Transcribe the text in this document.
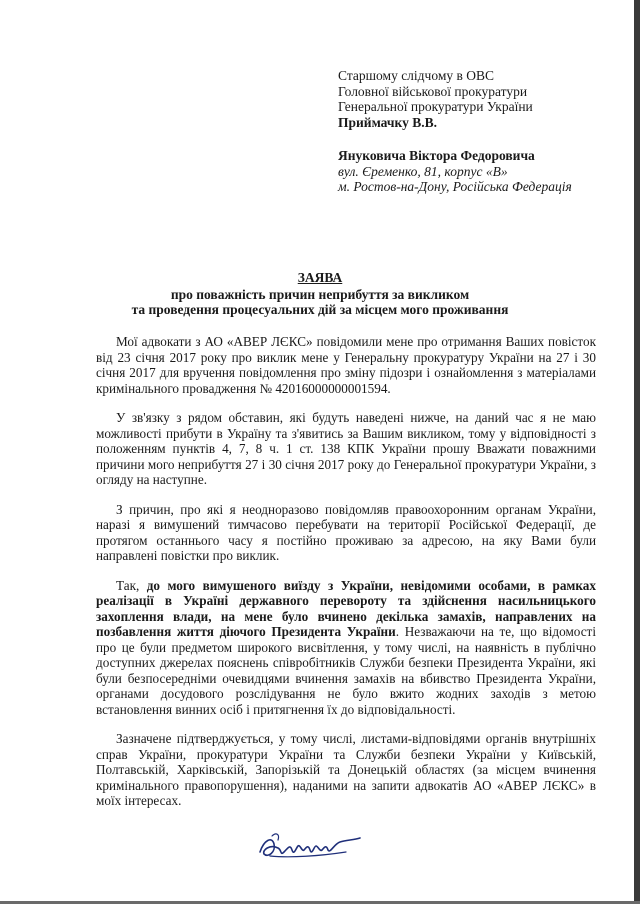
Старшому слідчому в ОВС
Головної військової прокуратури
Генеральної прокуратури України
Приймачку В.В.
Януковича Віктора Федоровича
вул. Єременко, 81, корпус «В»
м. Ростов-на-Дону, Російська Федерація
ЗАЯВА
про поважність причин неприбуття за викликом
та проведення процесуальних дій за місцем мого проживання

Мої адвокати з АО «АВЕР ЛЄКС» повідомили мене про отримання Ваших повісток від 23 січня 2017 року про виклик мене у Генеральну прокуратуру України на 27 і 30 січня 2017 для вручення повідомлення про зміну підозри і ознайомлення з матеріалами кримінального провадження № 42016000000001594.

У зв'язку з рядом обставин, які будуть наведені нижче, на даний час я не маю можливості прибути в Україну та з'явитись за Вашим викликом, тому у відповідності з положенням пунктів 4, 7, 8 ч. 1 ст. 138 КПК України прошу Вважати поважними причини мого неприбуття 27 і 30 січня 2017 року до Генеральної прокуратури України, з огляду на наступне.

З причин, про які я неодноразово повідомляв правоохоронним органам України, наразі я вимушений тимчасово перебувати на території Російської Федерації, де протягом останнього часу я постійно проживаю за адресою, на яку Вами були направлені повістки про виклик.

Так, до мого вимушеного виїзду з України, невідомими особами, в рамках реалізації в Україні державного перевороту та здійснення насильницького захоплення влади, на мене було вчинено декілька замахів, направлених на позбавлення життя діючого Президента України. Незважаючи на те, що відомості про це були предметом широкого висвітлення, у тому числі, на наявність в публічно доступних джерелах пояснень співробітників Служби безпеки Президента України, які були безпосередніми очевидцями вчинення замахів на вбивство Президента України, органами досудового розслідування не було вжито жодних заходів з метою встановлення винних осіб і притягнення їх до відповідальності.

Зазначене підтверджується, у тому числі, листами-відповідями органів внутрішніх справ України, прокуратури України та Служби безпеки України у Київській, Полтавській, Харківській, Запорізькій та Донецькій областях (за місцем вчинення кримінального правопорушення), наданими на запити адвокатів АО «АВЕР ЛЄКС» в моїх інтересах.
